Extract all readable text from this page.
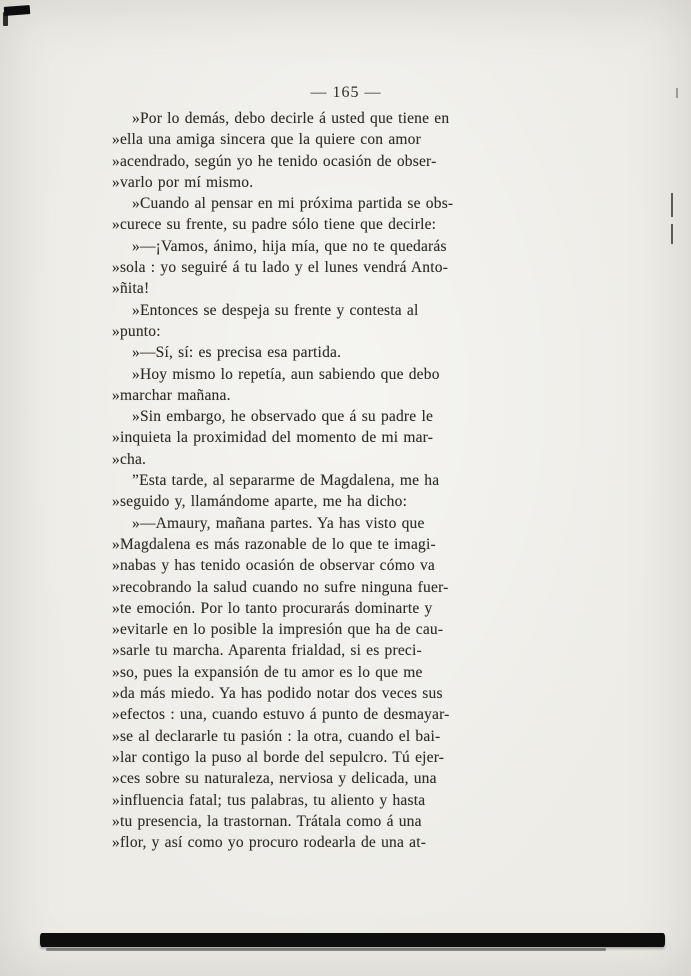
— 165 —
»Por lo demás, debo decirle á usted que tiene en
»ella una amiga sincera que la quiere con amor
»acendrado, según yo he tenido ocasión de obser-
»varlo por mí mismo.
»Cuando al pensar en mi próxima partida se obs-
»curece su frente, su padre sólo tiene que decirle:
»—¡Vamos, ánimo, hija mía, que no te quedarás
»sola : yo seguiré á tu lado y el lunes vendrá Anto-
»ñita!
»Entonces se despeja su frente y contesta al
»punto:
»—Sí, sí: es precisa esa partida.
»Hoy mismo lo repetía, aun sabiendo que debo
»marchar mañana.
»Sin embargo, he observado que á su padre le
»inquieta la proximidad del momento de mi mar-
»cha.
”Esta tarde, al separarme de Magdalena, me ha
»seguido y, llamándome aparte, me ha dicho:
»—Amaury, mañana partes. Ya has visto que
»Magdalena es más razonable de lo que te imagi-
»nabas y has tenido ocasión de observar cómo va
»recobrando la salud cuando no sufre ninguna fuer-
»te emoción. Por lo tanto procurarás dominarte y
»evitarle en lo posible la impresión que ha de cau-
»sarle tu marcha. Aparenta frialdad, si es preci-
»so, pues la expansión de tu amor es lo que me
»da más miedo. Ya has podido notar dos veces sus
»efectos : una, cuando estuvo á punto de desmayar-
»se al declararle tu pasión : la otra, cuando el bai-
»lar contigo la puso al borde del sepulcro. Tú ejer-
»ces sobre su naturaleza, nerviosa y delicada, una
»influencia fatal; tus palabras, tu aliento y hasta
»tu presencia, la trastornan. Trátala como á una
»flor, y así como yo procuro rodearla de una at-
